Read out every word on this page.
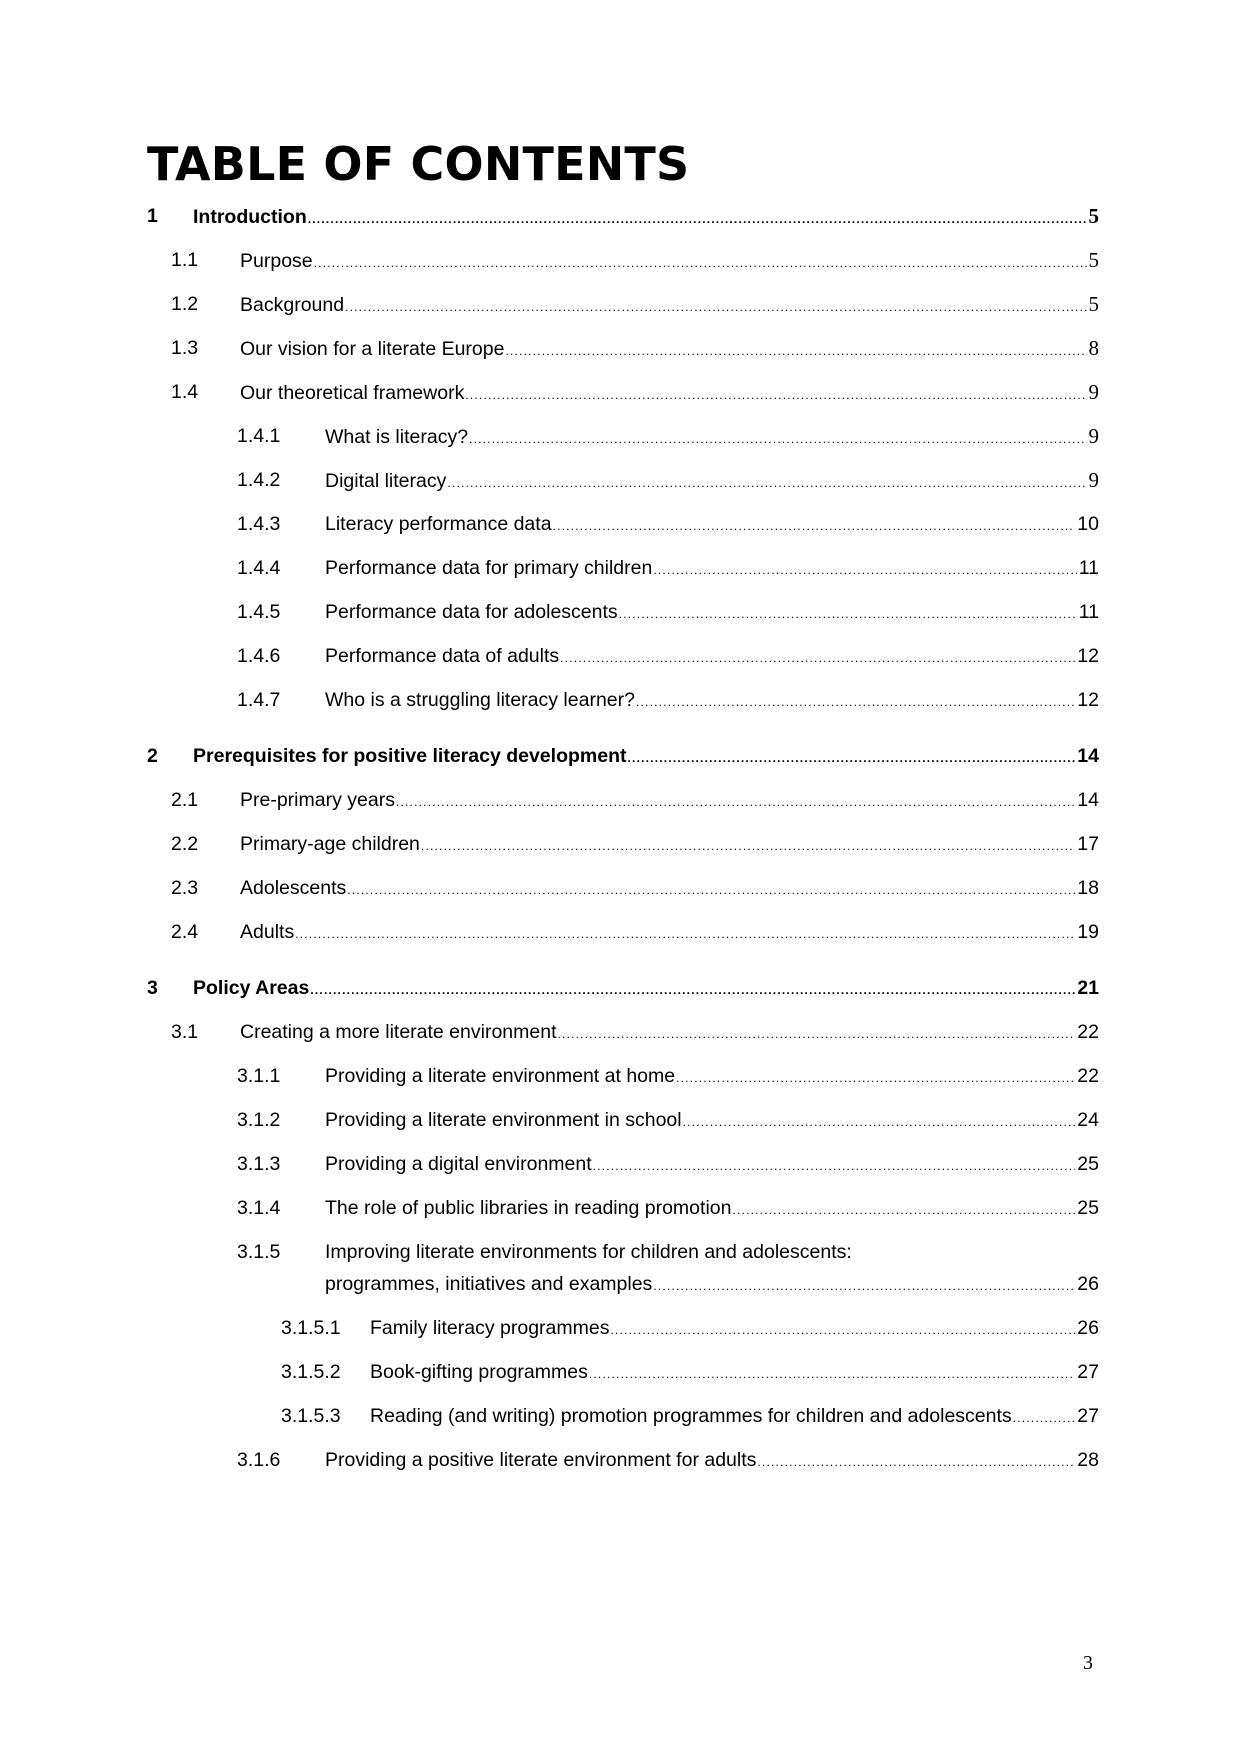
TABLE OF CONTENTS
1 Introduction .....	5
1.1 Purpose .....	5
1.2 Background .....	5
1.3 Our vision for a literate Europe .....	8
1.4 Our theoretical framework .....	9
1.4.1 What is literacy? .....	9
1.4.2 Digital literacy .....	9
1.4.3 Literacy performance data .....	10
1.4.4 Performance data for primary children .....	11
1.4.5 Performance data for adolescents .....	11
1.4.6 Performance data of adults .....	12
1.4.7 Who is a struggling literacy learner? .....	12
2 Prerequisites for positive literacy development .....	14
2.1 Pre-primary years .....	14
2.2 Primary-age children .....	17
2.3 Adolescents .....	18
2.4 Adults .....	19
3 Policy Areas .....	21
3.1 Creating a more literate environment .....	22
3.1.1 Providing a literate environment at home .....	22
3.1.2 Providing a literate environment in school .....	24
3.1.3 Providing a digital environment .....	25
3.1.4 The role of public libraries in reading promotion .....	25
3.1.5 Improving literate environments for children and adolescents:
programmes, initiatives and examples .....	26
3.1.5.1 Family literacy programmes .....	26
3.1.5.2 Book-gifting programmes .....	27
3.1.5.3 Reading (and writing) promotion programmes for children and adolescents .....	27
3.1.6 Providing a positive literate environment for adults .....	28
3
